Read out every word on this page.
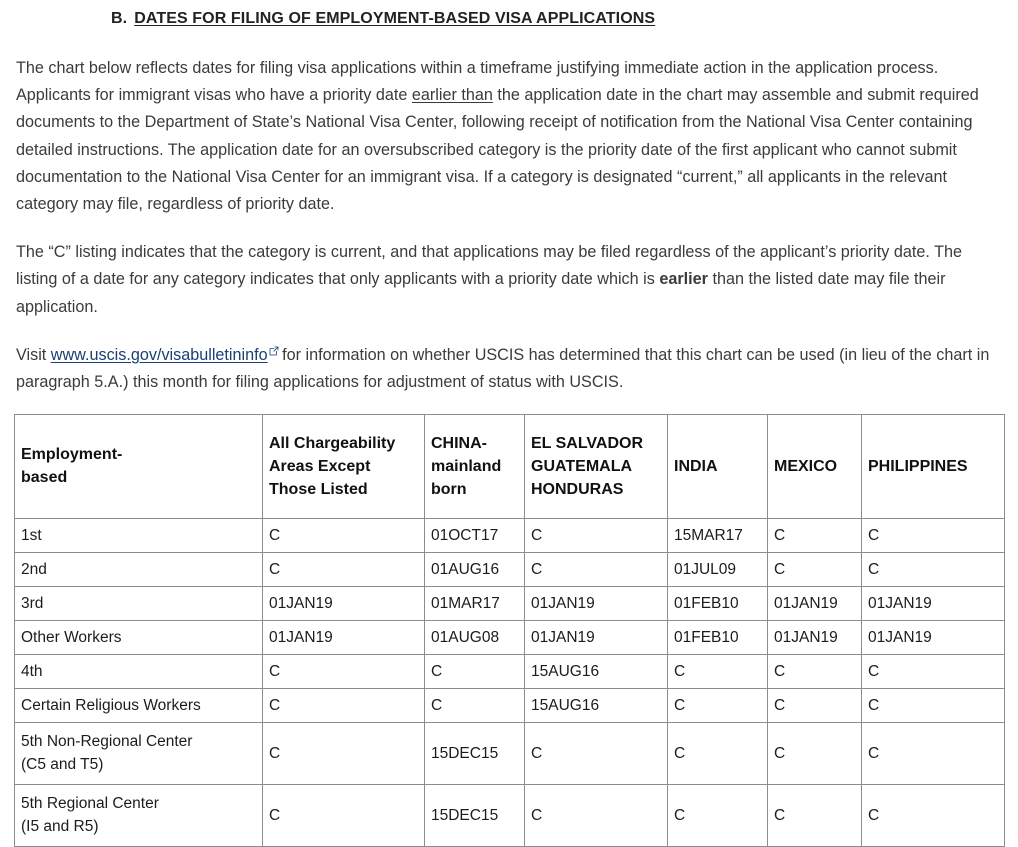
B. DATES FOR FILING OF EMPLOYMENT-BASED VISA APPLICATIONS

The chart below reflects dates for filing visa applications within a timeframe justifying immediate action in the application process. Applicants for immigrant visas who have a priority date earlier than the application date in the chart may assemble and submit required documents to the Department of State’s National Visa Center, following receipt of notification from the National Visa Center containing detailed instructions. The application date for an oversubscribed category is the priority date of the first applicant who cannot submit documentation to the National Visa Center for an immigrant visa. If a category is designated “current,” all applicants in the relevant category may file, regardless of priority date.

The “C” listing indicates that the category is current, and that applications may be filed regardless of the applicant’s priority date. The listing of a date for any category indicates that only applicants with a priority date which is earlier than the listed date may file their application.

Visit www.uscis.gov/visabulletininfo
for information on whether USCIS has determined that this chart can be used (in lieu of the chart in paragraph 5.A.) this month for filing applications for adjustment of status with USCIS.

Employment-
based	All Chargeability
Areas Except
Those Listed	CHINA-
mainland
born	EL SALVADOR
GUATEMALA
HONDURAS	INDIA	MEXICO	PHILIPPINES
1st	C	01OCT17	C	15MAR17	C	C
2nd	C	01AUG16	C	01JUL09	C	C
3rd	01JAN19	01MAR17	01JAN19	01FEB10	01JAN19	01JAN19
Other Workers	01JAN19	01AUG08	01JAN19	01FEB10	01JAN19	01JAN19
4th	C	C	15AUG16	C	C	C
Certain Religious Workers	C	C	15AUG16	C	C	C
5th Non-Regional Center
(C5 and T5)	C	15DEC15	C	C	C	C
5th Regional Center
(I5 and R5)	C	15DEC15	C	C	C	C
